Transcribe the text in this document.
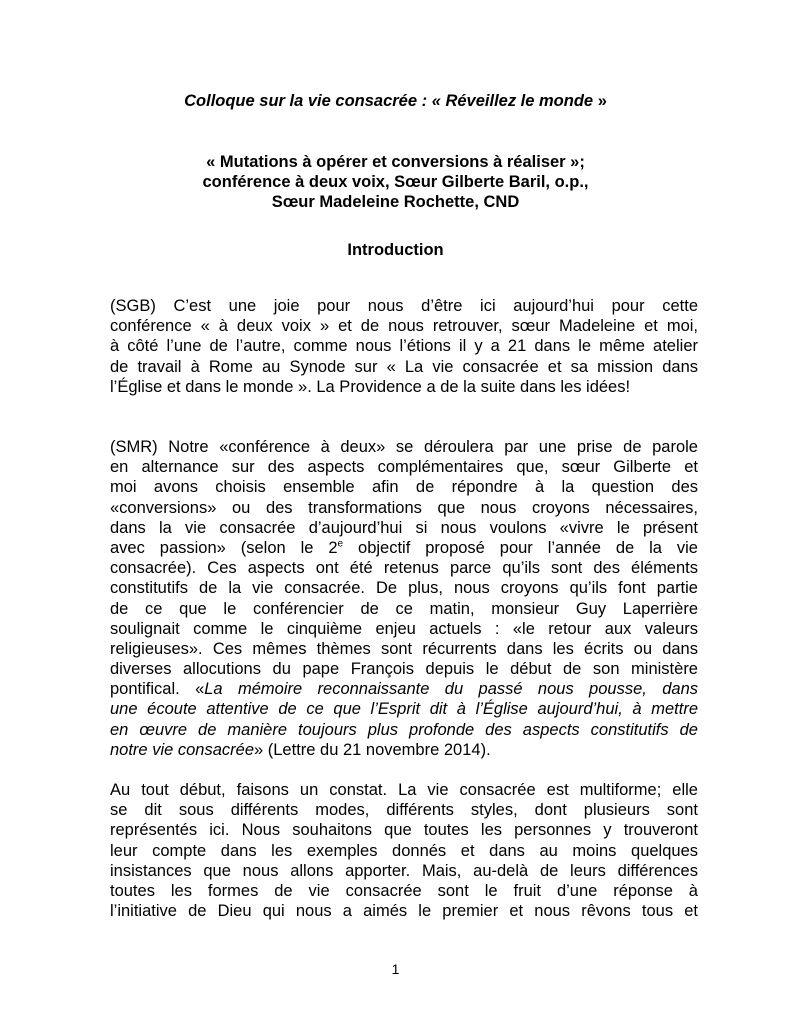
Colloque sur la vie consacrée : « Réveillez le monde »
« Mutations à opérer et conversions à réaliser »;
conférence à deux voix, Sœur Gilberte Baril, o.p.,
Sœur Madeleine Rochette, CND
Introduction
(SGB) C’est une joie pour nous d’être ici aujourd’hui pour cette
conférence « à deux voix » et de nous retrouver, sœur Madeleine et moi,
à côté l’une de l’autre, comme nous l’étions il y a 21 dans le même atelier
de travail à Rome au Synode sur « La vie consacrée et sa mission dans
l’Église et dans le monde ». La Providence a de la suite dans les idées!
(SMR) Notre «conférence à deux» se déroulera par une prise de parole
en alternance sur des aspects complémentaires que, sœur Gilberte et
moi avons choisis ensemble afin de répondre à la question des
«conversions» ou des transformations que nous croyons nécessaires,
dans la vie consacrée d’aujourd’hui si nous voulons «vivre le présent
avec passion» (selon le 2e objectif proposé pour l’année de la vie
consacrée). Ces aspects ont été retenus parce qu’ils sont des éléments
constitutifs de la vie consacrée. De plus, nous croyons qu’ils font partie
de ce que le conférencier de ce matin, monsieur Guy Laperrière
soulignait comme le cinquième enjeu actuels : «le retour aux valeurs
religieuses». Ces mêmes thèmes sont récurrents dans les écrits ou dans
diverses allocutions du pape François depuis le début de son ministère
pontifical. «La mémoire reconnaissante du passé nous pousse, dans
une écoute attentive de ce que l’Esprit dit à l’Église aujourd’hui, à mettre
en œuvre de manière toujours plus profonde des aspects constitutifs de
notre vie consacrée» (Lettre du 21 novembre 2014).
Au tout début, faisons un constat. La vie consacrée est multiforme; elle
se dit sous différents modes, différents styles, dont plusieurs sont
représentés ici. Nous souhaitons que toutes les personnes y trouveront
leur compte dans les exemples donnés et dans au moins quelques
insistances que nous allons apporter. Mais, au-delà de leurs différences
toutes les formes de vie consacrée sont le fruit d’une réponse à
l’initiative de Dieu qui nous a aimés le premier et nous rêvons tous et
1
